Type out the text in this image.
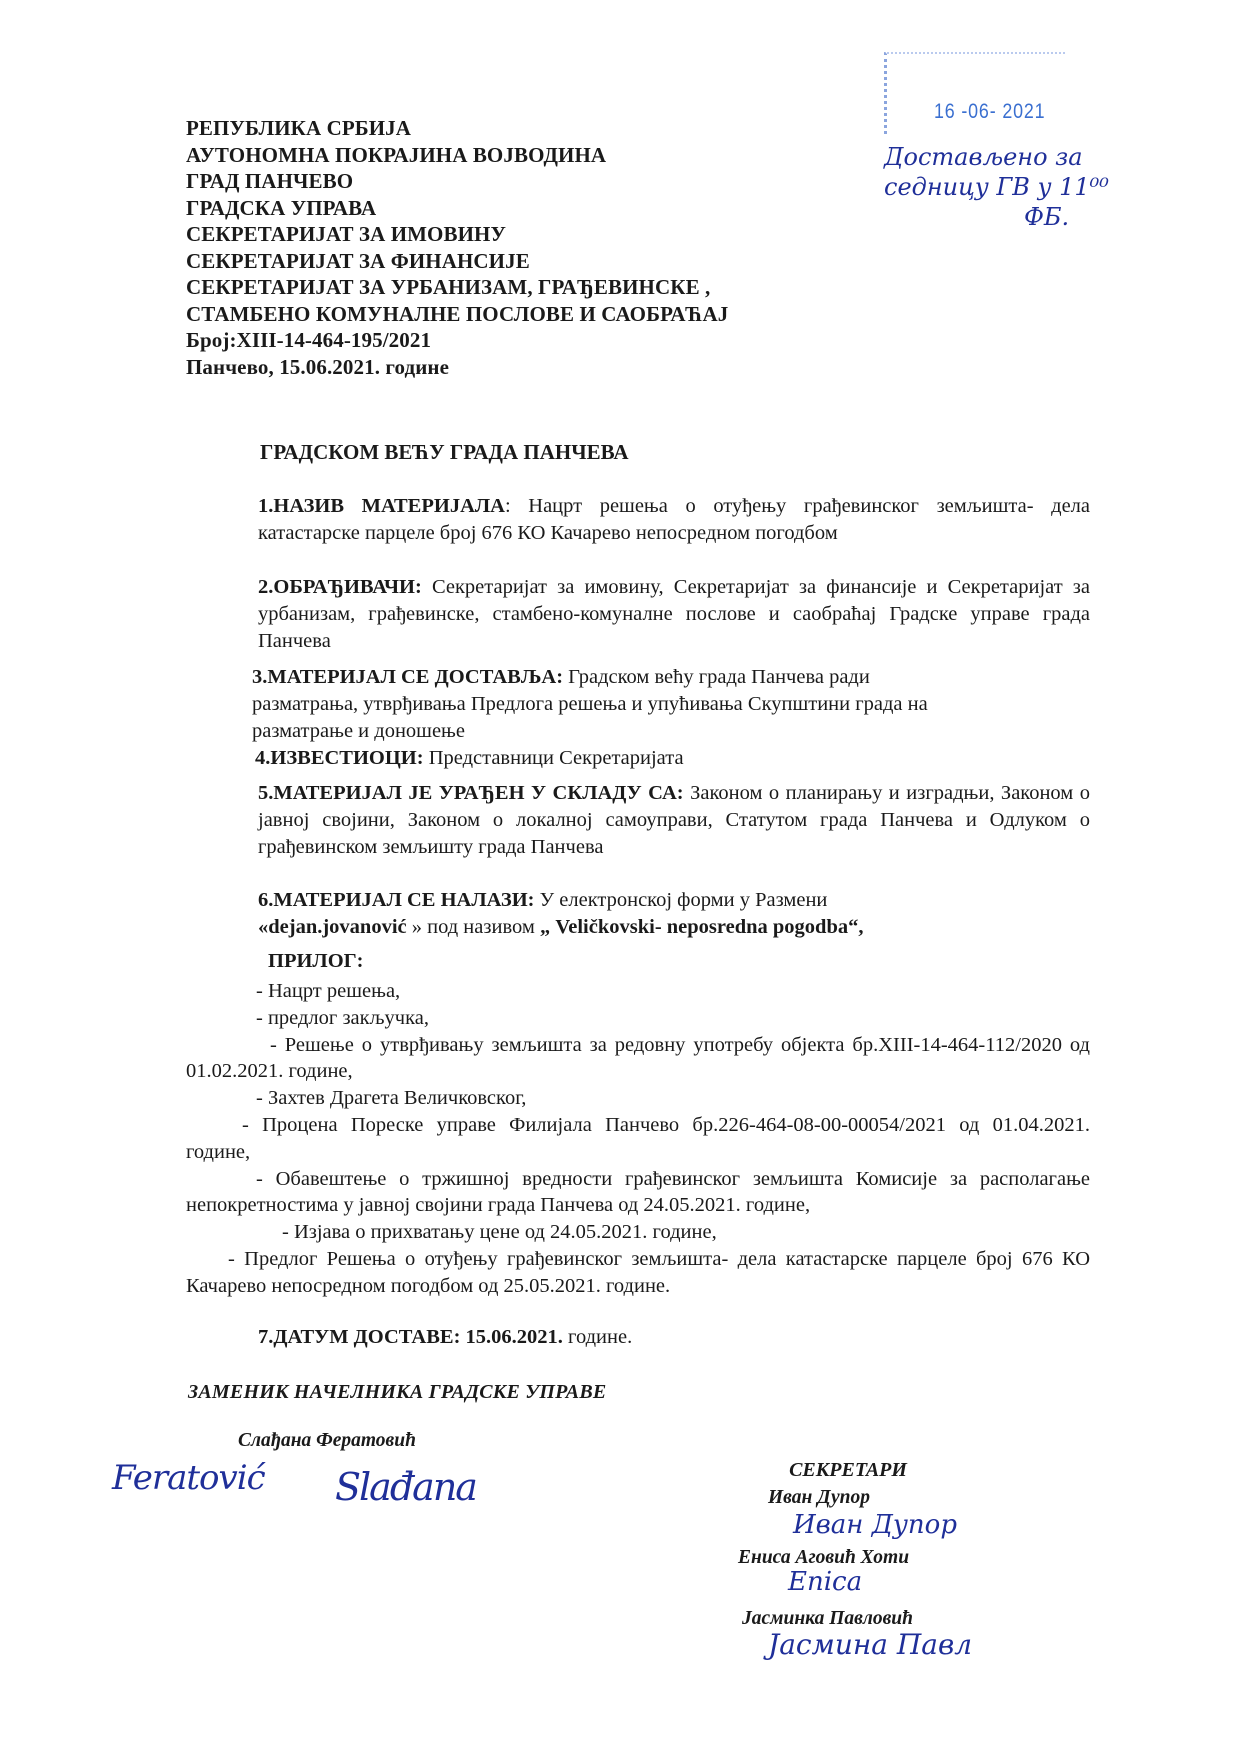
РЕПУБЛИКА СРБИЈА
АУТОНОМНА ПОКРАЈИНА ВОЈВОДИНА
ГРАД ПАНЧЕВО
ГРАДСКА УПРАВА
СЕКРЕТАРИЈАТ ЗА ИМОВИНУ
СЕКРЕТАРИЈАТ ЗА ФИНАНСИЈЕ
СЕКРЕТАРИЈАТ ЗА УРБАНИЗАМ, ГРАЂЕВИНСКЕ ,
СТАМБЕНО КОМУНАЛНЕ ПОСЛОВЕ И САОБРАЋАЈ
Број:XIII-14-464-195/2021
Панчево, 15.06.2021. године
16 -06- 2021
Достављено за
седницу ГВ у 11⁰⁰
ФБ.
ГРАДСКОМ ВЕЋУ ГРАДА ПАНЧЕВА
1.НАЗИВ МАТЕРИЈАЛА: Нацрт решења о отуђењу грађевинског земљишта- дела катастарске парцеле број 676 КО Качарево непосредном погодбом
2.ОБРАЂИВАЧИ: Секретаријат за имовину, Секретаријат за финансије и Секретаријат за урбанизам, грађевинске, стамбено-комуналне послове и саобраћај Градске управе града Панчева
3.МАТЕРИЈАЛ СЕ ДОСТАВЉА: Градском већу града Панчева ради
разматрања, утврђивања Предлога решења и упућивања Скупштини града на
разматрање и доношење
4.ИЗВЕСТИОЦИ: Представници Секретаријата
5.МАТЕРИЈАЛ ЈЕ УРАЂЕН У СКЛАДУ СА: Законом о планирању и изградњи, Законом о јавној својини, Законом о локалној самоуправи, Статутом града Панчева и Одлуком о грађевинском земљишту града Панчева
6.МАТЕРИЈАЛ СЕ НАЛАЗИ: У електронској форми у Размени
«dejan.jovanović » под називом „ Veličkovski- neposredna pogodba“,
ПРИЛОГ:
- Нацрт решења,
- предлог закључка,
- Решење о утврђивању земљишта за редовну употребу објекта бр.XIII-14-464-112/2020 од 01.02.2021. године,
- Захтев Драгета Величковског,
- Процена Пореске управе Филијала Панчево бр.226-464-08-00-00054/2021 од 01.04.2021. године,
- Обавештење о тржишној вредности грађевинског земљишта Комисије за располагање непокретностима у јавној својини града Панчева од 24.05.2021. године,
- Изјава о прихватању цене од 24.05.2021. године,
- Предлог Решења о отуђењу грађевинског земљишта- дела катастарске парцеле број 676 КО Качарево непосредном погодбом од 25.05.2021. године.
7.ДАТУМ ДОСТАВЕ: 15.06.2021. године.
ЗАМЕНИК НАЧЕЛНИКА ГРАДСКЕ УПРАВЕ
Слађана Фератовић
Feratović Slađana	СЕКРЕТАРИ
Иван Дупор
Иван Дупор
Eниса Аговић Хоти
Eniса
Јасминка Павловић
Јасмина Павл
